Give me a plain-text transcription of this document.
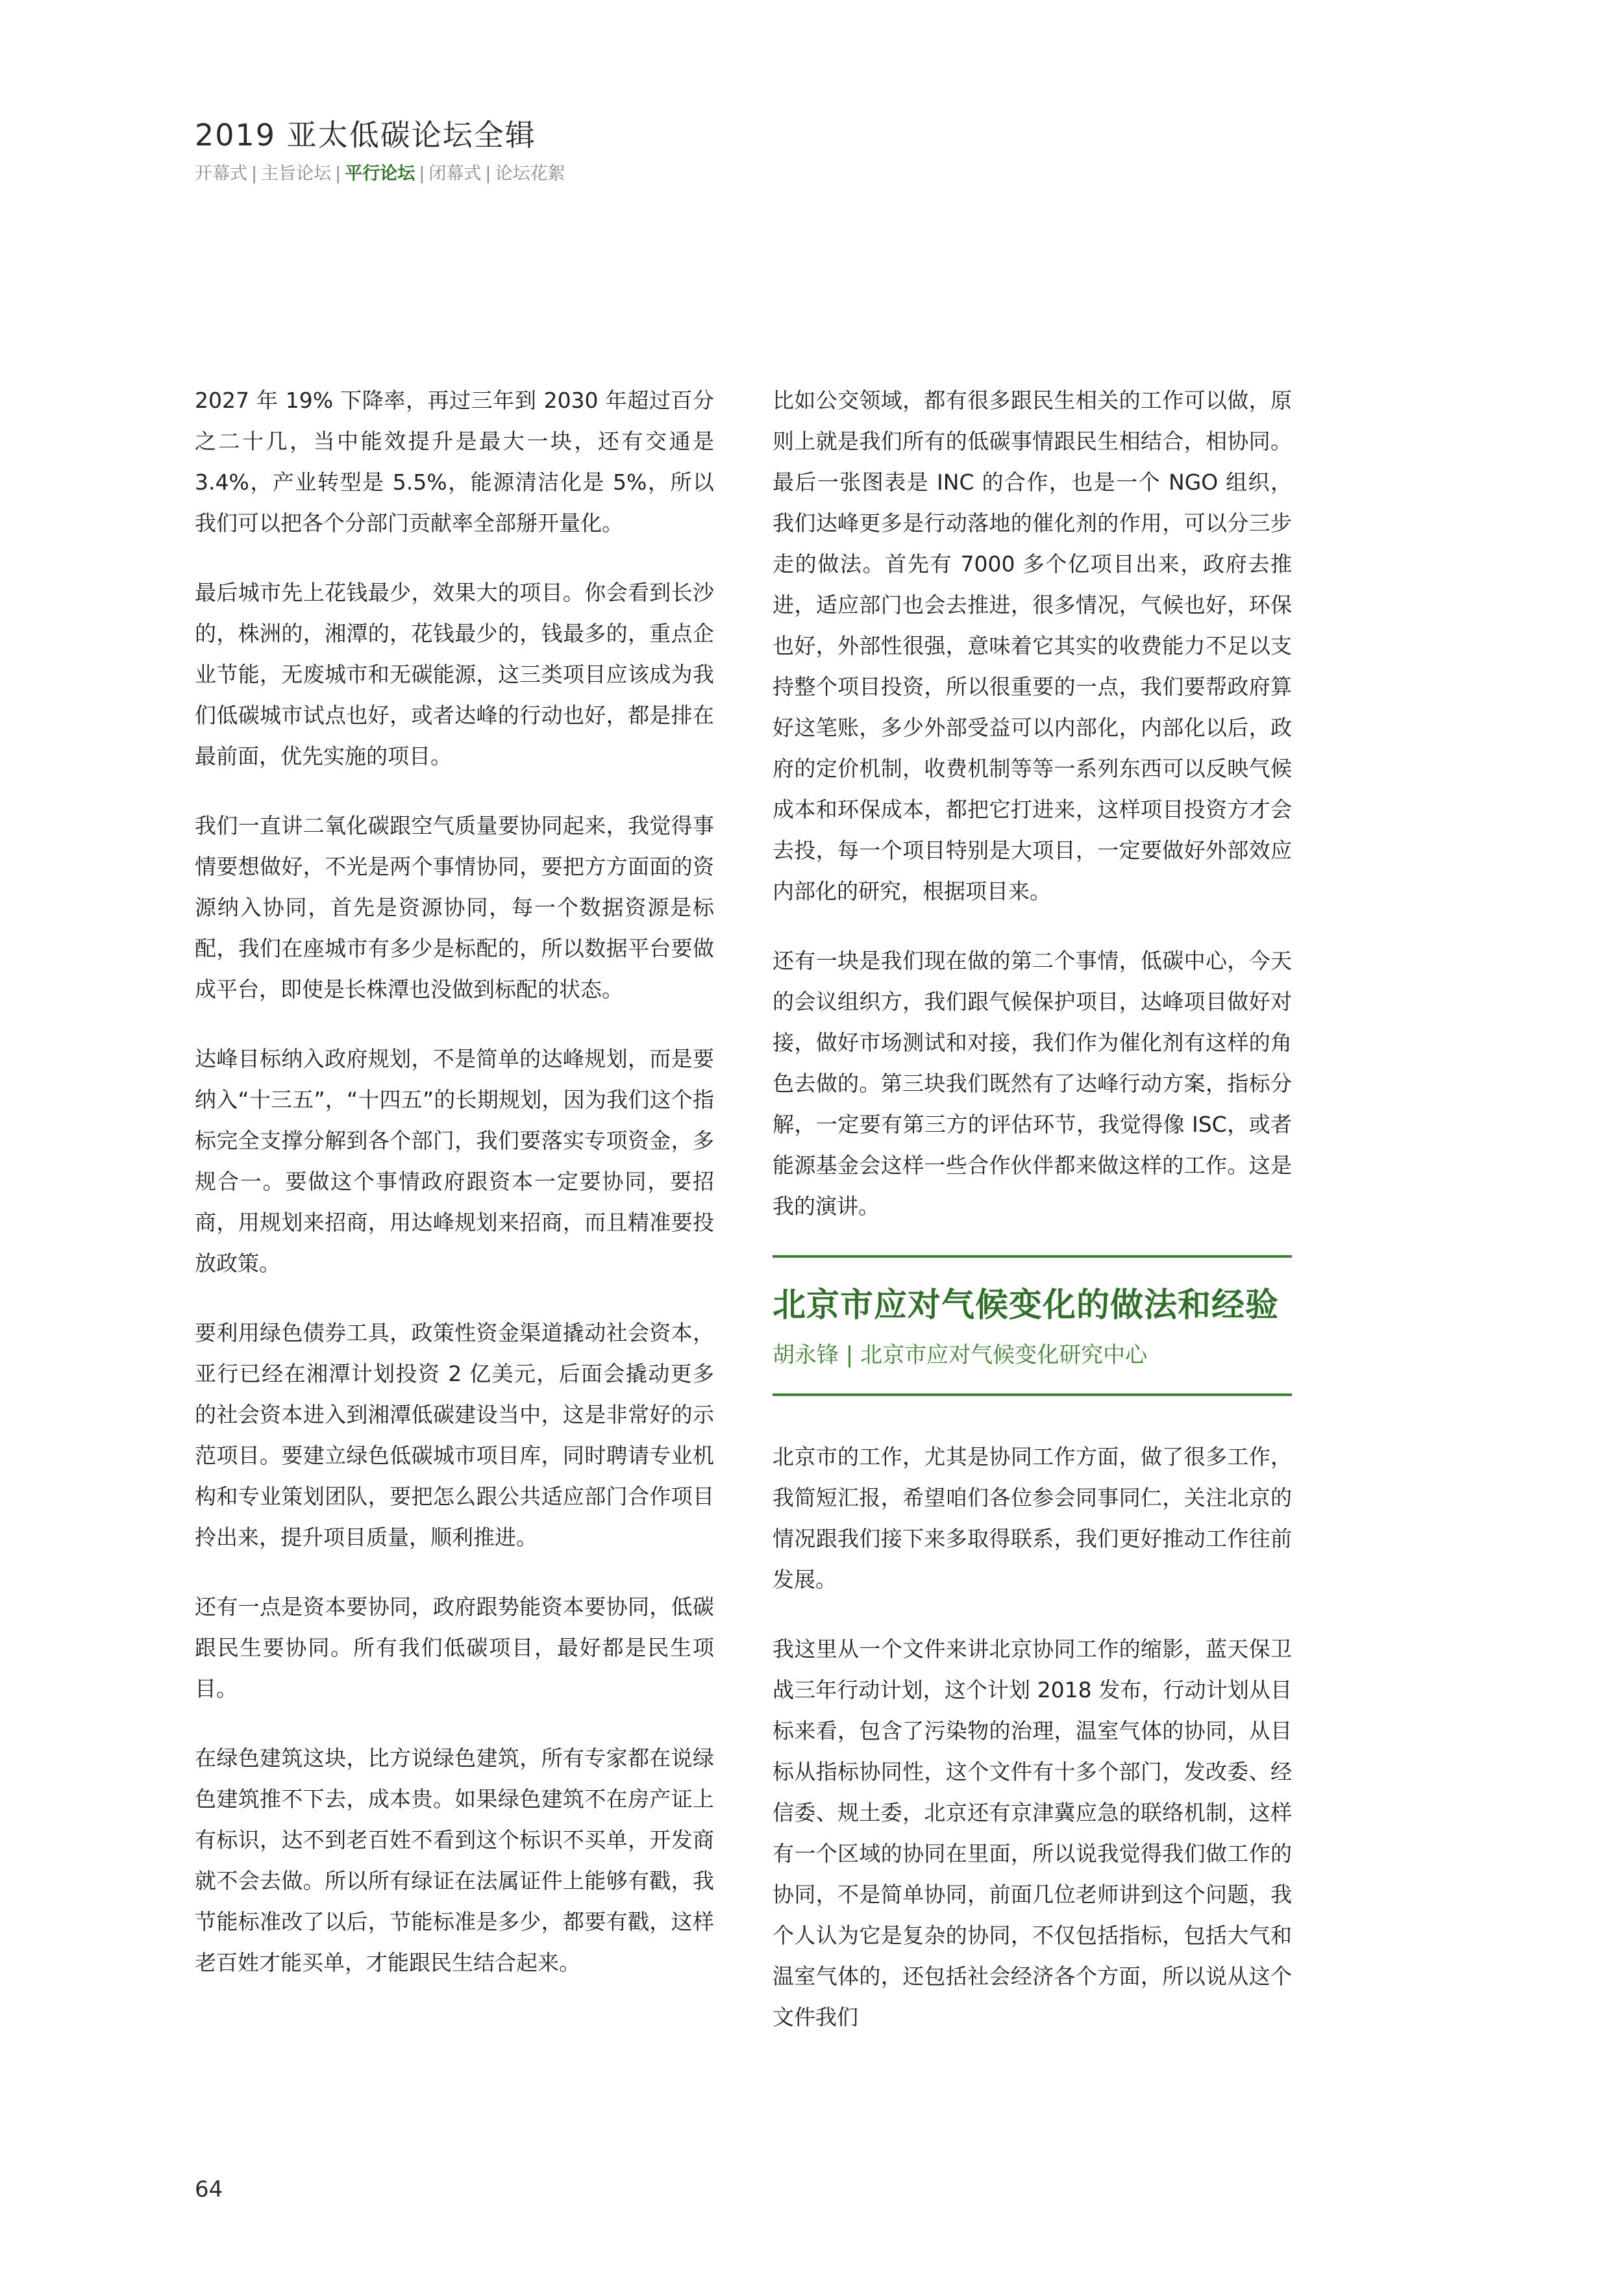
2019 亚太低碳论坛全辑
开幕式 | 主旨论坛 | 平行论坛 | 闭幕式 | 论坛花絮

2027 年 19% 下降率，再过三年到 2030 年超过百分之二十几，当中能效提升是最大一块，还有交通是 3.4%，产业转型是 5.5%，能源清洁化是 5%，所以我们可以把各个分部门贡献率全部掰开量化。

最后城市先上花钱最少，效果大的项目。你会看到长沙的，株洲的，湘潭的，花钱最少的，钱最多的，重点企业节能，无废城市和无碳能源，这三类项目应该成为我们低碳城市试点也好，或者达峰的行动也好，都是排在最前面，优先实施的项目。

我们一直讲二氧化碳跟空气质量要协同起来，我觉得事情要想做好，不光是两个事情协同，要把方方面面的资源纳入协同，首先是资源协同，每一个数据资源是标配，我们在座城市有多少是标配的，所以数据平台要做成平台，即使是长株潭也没做到标配的状态。

达峰目标纳入政府规划，不是简单的达峰规划，而是要纳入“十三五”，“十四五”的长期规划，因为我们这个指标完全支撑分解到各个部门，我们要落实专项资金，多规合一。要做这个事情政府跟资本一定要协同，要招商，用规划来招商，用达峰规划来招商，而且精准要投放政策。

要利用绿色债券工具，政策性资金渠道撬动社会资本，亚行已经在湘潭计划投资 2 亿美元，后面会撬动更多的社会资本进入到湘潭低碳建设当中，这是非常好的示范项目。要建立绿色低碳城市项目库，同时聘请专业机构和专业策划团队，要把怎么跟公共适应部门合作项目拎出来，提升项目质量，顺利推进。

还有一点是资本要协同，政府跟势能资本要协同，低碳跟民生要协同。所有我们低碳项目，最好都是民生项目。

在绿色建筑这块，比方说绿色建筑，所有专家都在说绿色建筑推不下去，成本贵。如果绿色建筑不在房产证上有标识，达不到老百姓不看到这个标识不买单，开发商就不会去做。所以所有绿证在法属证件上能够有戳，我节能标准改了以后，节能标准是多少，都要有戳，这样老百姓才能买单，才能跟民生结合起来。

比如公交领域，都有很多跟民生相关的工作可以做，原则上就是我们所有的低碳事情跟民生相结合，相协同。最后一张图表是 INC 的合作，也是一个 NGO 组织，我们达峰更多是行动落地的催化剂的作用，可以分三步走的做法。首先有 7000 多个亿项目出来，政府去推进，适应部门也会去推进，很多情况，气候也好，环保也好，外部性很强，意味着它其实的收费能力不足以支持整个项目投资，所以很重要的一点，我们要帮政府算好这笔账，多少外部受益可以内部化，内部化以后，政府的定价机制，收费机制等等一系列东西可以反映气候成本和环保成本，都把它打进来，这样项目投资方才会去投，每一个项目特别是大项目，一定要做好外部效应内部化的研究，根据项目来。

还有一块是我们现在做的第二个事情，低碳中心，今天的会议组织方，我们跟气候保护项目，达峰项目做好对接，做好市场测试和对接，我们作为催化剂有这样的角色去做的。第三块我们既然有了达峰行动方案，指标分解，一定要有第三方的评估环节，我觉得像 ISC，或者能源基金会这样一些合作伙伴都来做这样的工作。这是我的演讲。

北京市应对气候变化的做法和经验
胡永锋 | 北京市应对气候变化研究中心

北京市的工作，尤其是协同工作方面，做了很多工作，我简短汇报，希望咱们各位参会同事同仁，关注北京的情况跟我们接下来多取得联系，我们更好推动工作往前发展。

我这里从一个文件来讲北京协同工作的缩影，蓝天保卫战三年行动计划，这个计划 2018 发布，行动计划从目标来看，包含了污染物的治理，温室气体的协同，从目标从指标协同性，这个文件有十多个部门，发改委、经信委、规土委，北京还有京津冀应急的联络机制，这样有一个区域的协同在里面，所以说我觉得我们做工作的协同，不是简单协同，前面几位老师讲到这个问题，我个人认为它是复杂的协同，不仅包括指标，包括大气和温室气体的，还包括社会经济各个方面，所以说从这个文件我们

64
